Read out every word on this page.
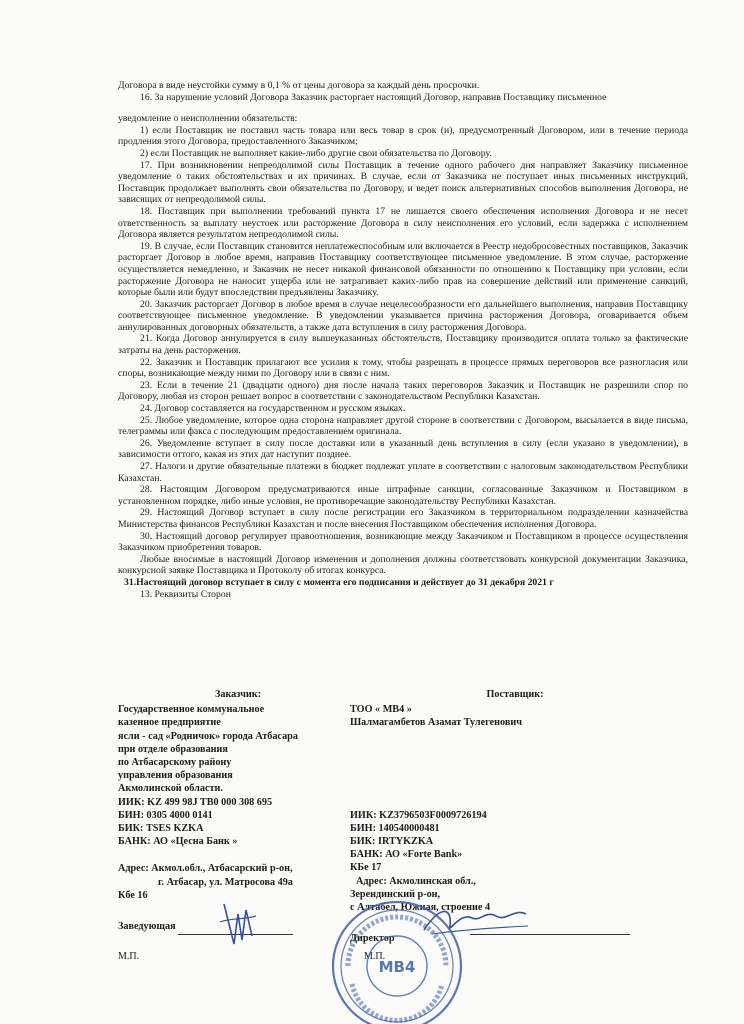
Договора в виде неустойки сумму в 0,1 % от цены договора за каждый день просрочки.

16. За нарушение условий Договора Заказчик расторгает настоящий Договор, направив Поставщику письменное

уведомление о неисполнении обязательств:

1) если Поставщик не поставил часть товара или весь товар в срок (и), предусмотренный Договором, или в течение периода продления этого Договора, предоставленного Заказчиком;

2) если Поставщик не выполняет какие-либо другие свои обязательства по Договору.

17. При возникновении непреодолимой силы Поставщик в течение одного рабочего дня направляет Заказчику письменное уведомление о таких обстоятельствах и их причинах. В случае, если от Заказчика не поступает иных письменных инструкций, Поставщик продолжает выполнять свои обязательства по Договору, и ведет поиск альтернативных способов выполнения Договора, не зависящих от непреодолимой силы.

18. Поставщик при выполнении требований пункта 17 не лишается своего обеспечения исполнения Договора и не несет ответственность за выплату неустоек или расторжение Договора в силу неисполнения его условий, если задержка с исполнением Договора является результатом непреодолимой силы.

19. В случае, если Поставщик становится неплатежеспособным или включается в Реестр недобросовестных поставщиков, Заказчик расторгает Договор в любое время, направив Поставщику соответствующее письменное уведомление. В этом случае, расторжение осуществляется немедленно, и Заказчик не несет никакой финансовой обязанности по отношению к Поставщику при условии, если расторжение Договора не наносит ущерба или не затрагивает каких-либо прав на совершение действий или применение санкций, которые были или будут впоследствии предъявлены Заказчику.

20. Заказчик расторгает Договор в любое время в случае нецелесообразности его дальнейшего выполнения, направив Поставщику соответствующее письменное уведомление. В уведомлении указывается причина расторжения Договора, оговаривается объем аннулированных договорных обязательств, а также дата вступления в силу расторжения Договора.

21. Когда Договор аннулируется в силу вышеуказанных обстоятельств, Поставщику производится оплата только за фактические затраты на день расторжения.

22. Заказчик и Поставщик прилагают все усилия к тому, чтобы разрешать в процессе прямых переговоров все разногласия или споры, возникающие между ними по Договору или в связи с ним.

23. Если в течение 21 (двадцати одного) дня после начала таких переговоров Заказчик и Поставщик не разрешили спор по Договору, любая из сторон решает вопрос в соответствии с законодательством Республики Казахстан.

24. Договор составляется на государственном и русском языках.

25. Любое уведомление, которое одна сторона направляет другой стороне в соответствии с Договором, высылается в виде письма, телеграммы или факса с последующим предоставлением оригинала.

26. Уведомление вступает в силу после доставки или в указанный день вступления в силу (если указано в уведомлении), в зависимости оттого, какая из этих дат наступит позднее.

27. Налоги и другие обязательные платежи в бюджет подлежат уплате в соответствии с налоговым законодательством Республики Казахстан.

28. Настоящим Договором предусматриваются иные штрафные санкции, согласованные Заказчиком и Поставщиком в установленном порядке, либо иные условия, не противоречащие законодательству Республики Казахстан.

29. Настоящий Договор вступает в силу после регистрации его Заказчиком в территориальном подразделении казначейства Министерства финансов Республики Казахстан и после внесения Поставщиком обеспечения исполнения Договора.

30. Настоящий договор регулирует правоотношения, возникающие между Заказчиком и Поставщиком в процессе осуществления Заказчиком приобретения товаров.

Любые вносимые в настоящий Договор изменения и дополнения должны соответствовать конкурсной документации Заказчика, конкурсной заявке Поставщика и Протоколу об итогах конкурса.

31.Настоящий договор вступает в силу с момента его подписания и действует до 31 декабря 2021 г

13. Реквизиты Сторон

Заказчик:
Государственное коммунальное
казенное предприятие
ясли - сад «Родничок» города Атбасара
при отделе образования
по Атбасарскому району
управления образования
Акмолинской области.
ИИК: KZ 499 98J TB0 000 308 695
БИН: 0305 4000 0141
БИК: TSES KZKA
БАНК: АО «Цесна Банк »
Адрес: Акмол.обл., Атбасарский р-он,
г. Атбасар, ул. Матросова 49а
Кбе 16
Заведующая
Поставщик:
ТОО « МВ4 »
Шалмагамбетов Азамат Тулегенович
ИИК: KZ3796503F0009726194
БИН: 140540000481
БИК: IRTYKZKA
БАНК: АО «Forte Bank»
КБе 17
Адрес: Акмолинская обл.,
Зерендинский р-он,
с Алтабел, Южная, строение 4
Директор
М.П.	М.П.
МВ4
